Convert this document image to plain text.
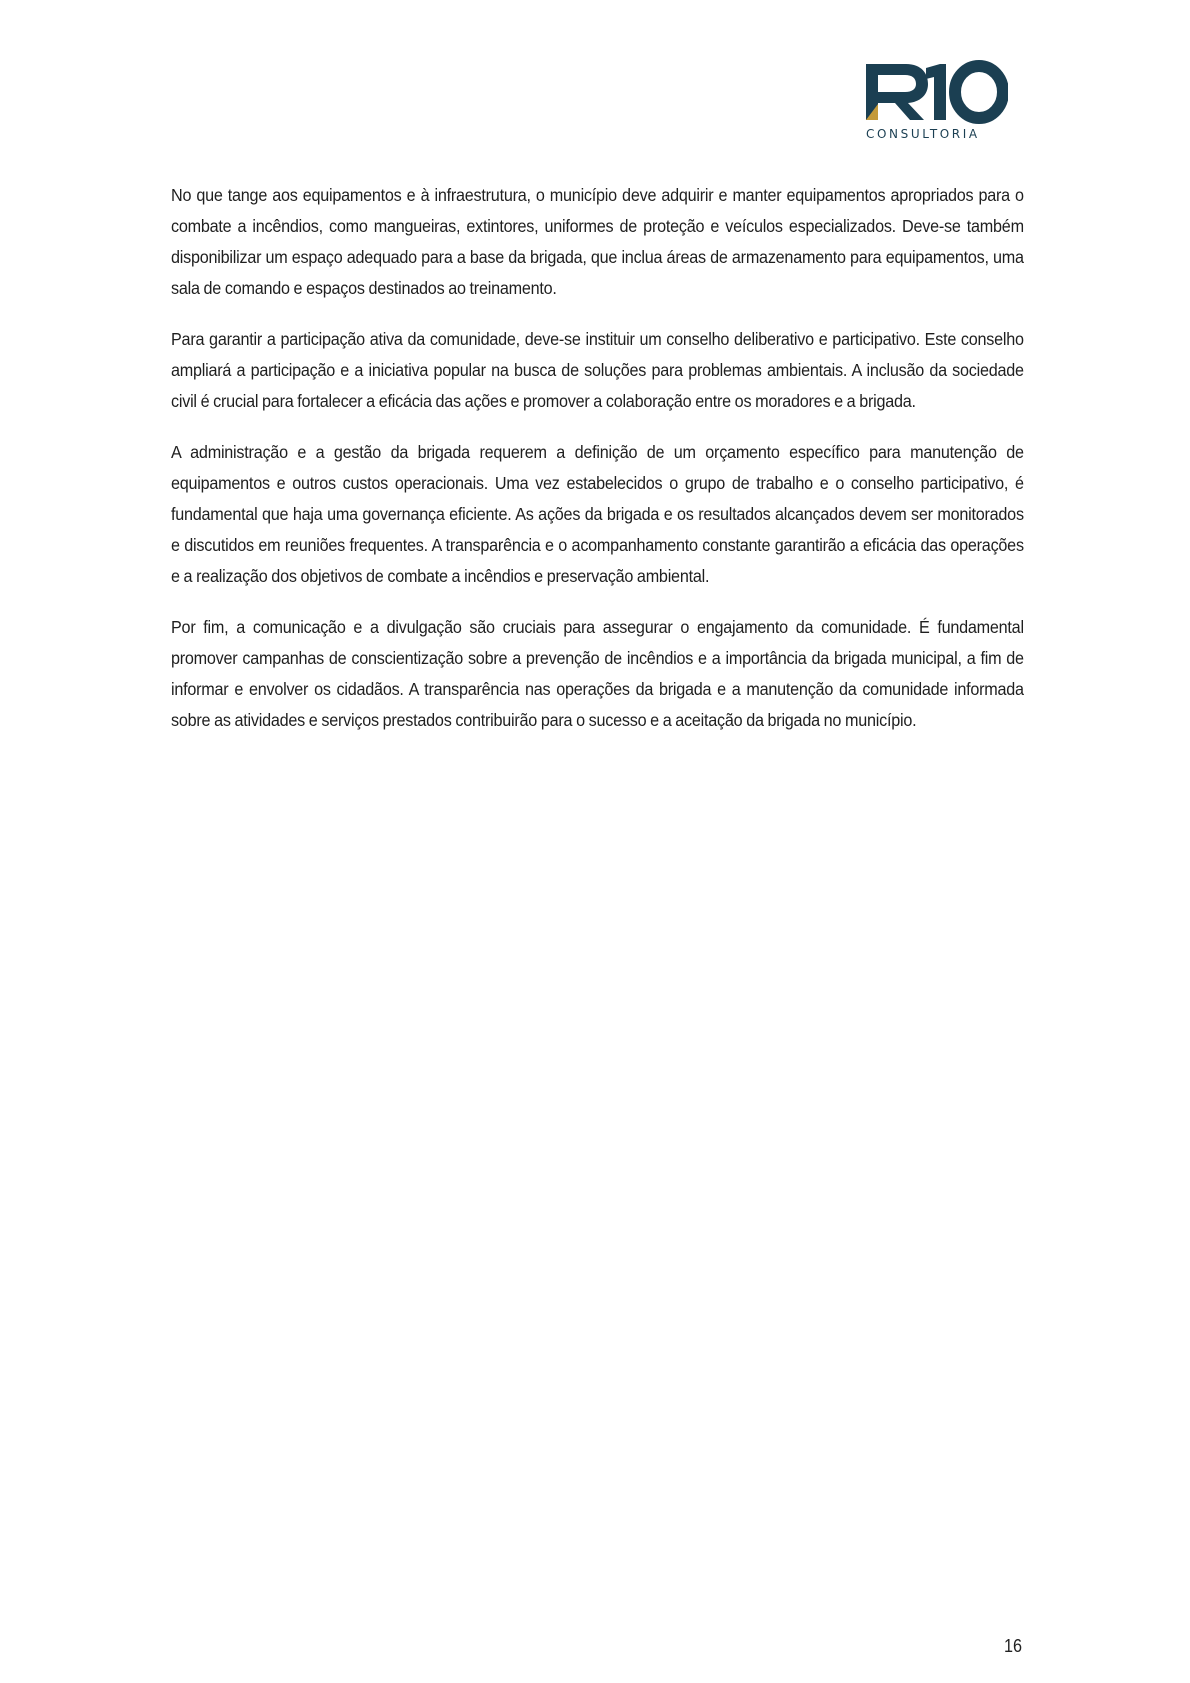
CONSULTORIA

No que tange aos equipamentos e à infraestrutura, o município deve adquirir e manter equipamentos apropriados para o combate a incêndios, como mangueiras, extintores, uniformes de proteção e veículos especializados. Deve-se também disponibilizar um espaço adequado para a base da brigada, que inclua áreas de armazenamento para equipamentos, uma sala de comando e espaços destinados ao treinamento.

Para garantir a participação ativa da comunidade, deve-se instituir um conselho deliberativo e participativo. Este conselho ampliará a participação e a iniciativa popular na busca de soluções para problemas ambientais. A inclusão da sociedade civil é crucial para fortalecer a eficácia das ações e promover a colaboração entre os moradores e a brigada.

A administração e a gestão da brigada requerem a definição de um orçamento específico para manutenção de equipamentos e outros custos operacionais. Uma vez estabelecidos o grupo de trabalho e o conselho participativo, é fundamental que haja uma governança eficiente. As ações da brigada e os resultados alcançados devem ser monitorados e discutidos em reuniões frequentes. A transparência e o acompanhamento constante garantirão a eficácia das operações e a realização dos objetivos de combate a incêndios e preservação ambiental.

Por fim, a comunicação e a divulgação são cruciais para assegurar o engajamento da comunidade. É fundamental promover campanhas de conscientização sobre a prevenção de incêndios e a importância da brigada municipal, a fim de informar e envolver os cidadãos. A transparência nas operações da brigada e a manutenção da comunidade informada sobre as atividades e serviços prestados contribuirão para o sucesso e a aceitação da brigada no município.

16
